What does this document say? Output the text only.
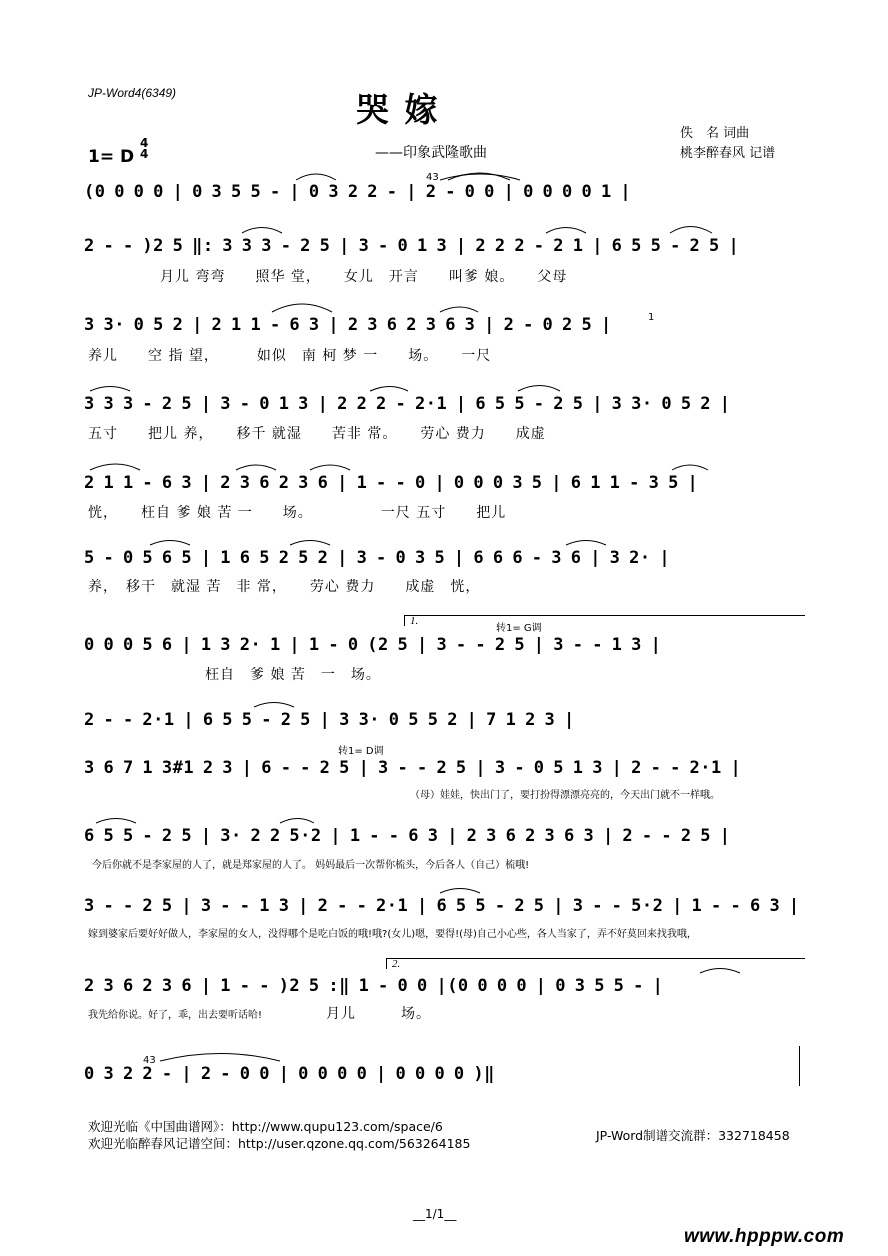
JP-Word4(6349)	哭 嫁
——印象武隆歌曲
佚　名 词曲
桃李醉春风 记谱
1= D
4
4
(0 0 0 0 | 0 3 5 5 - | 0 3 2 2 - | 2 - 0 0 | 0 0 0 0 1 |
43
2 - - )2 5 ‖: 3 3 3 - 2 5 | 3 - 0 1 3 | 2 2 2 - 2 1 | 6 5 5 - 2 5 |
月儿 弯弯　　照华 堂，　　女儿　开言　　叫爹 娘。　　父母
3 3· 0 5 2 | 2 1 1 - 6 3 | 2 3 6 2 3 6 3 | 2 - 0 2 5 |	1
养儿　　空 指 望，　　　如似　南 柯 梦 一　　场。　　一尺
3 3 3 - 2 5 | 3 - 0 1 3 | 2 2 2 - 2·1 | 6 5 5 - 2 5 | 3 3· 0 5 2 |
五寸　　把儿 养，　　移千 就湿　　苦非 常。　　劳心 费力　　成虚
2 1 1 - 6 3 | 2 3 6 2 3 6 | 1 - - 0 | 0 0 0 3 5 | 6 1 1 - 3 5 |
恍，　　枉自 爹 娘 苦 一　　场。　　　　　一尺 五寸　　把儿
5 - 0 5 6 5 | 1 6 5 2 5 2 | 3 - 0 3 5 | 6 6 6 - 3 6 | 3 2· |
养，　移干　就湿 苦　非 常，　　劳心 费力　　成虚　恍，
1.
转1= G调
0 0 0 5 6 | 1 3 2· 1 | 1 - 0 (2 5 | 3 - - 2 5 | 3 - - 1 3 |
枉自　爹 娘 苦　一　场。
2 - - 2·1 | 6 5 5 - 2 5 | 3 3· 0 5 5 2 | 7 1 2 3 |
转1= D调
3 6 7 1 3#1 2 3 | 6 - - 2 5 | 3 - - 2 5 | 3 - 0 5 1 3 | 2 - - 2·1 |
（母）娃娃，快出门了，要打扮得漂漂亮亮的，今天出门就不一样哦。
6 5 5 - 2 5 | 3· 2 2 5·2 | 1 - - 6 3 | 2 3 6 2 3 6 3 | 2 - - 2 5 |
今后你就不是李家屋的人了，就是郑家屋的人了。 妈妈最后一次帮你梳头，今后各人（自己）梳哦!
3 - - 2 5 | 3 - - 1 3 | 2 - - 2·1 | 6 5 5 - 2 5 | 3 - - 5·2 | 1 - - 6 3 |
嫁到婆家后要好好做人，李家屋的女人，没得哪个是吃白饭的哦!哦?(女儿)嗯，要得!(母)自己小心些，各人当家了，弄不好莫回来找我哦，
2.
2 3 6 2 3 6 | 1 - - )2 5 :‖ 1 - 0 0 |(0 0 0 0 | 0 3 5 5 - |
我先给你说。好了，乖，出去要听话哈!	月儿　　　场。
43
0 3 2 2 - | 2 - 0 0 | 0 0 0 0 | 0 0 0 0 )‖
欢迎光临《中国曲谱网》：http://www.qupu123.com/space/6
欢迎光临醉春风记谱空间：http://user.qzone.qq.com/563264185
JP-Word制谱交流群：332718458
__1/1__
www.hpppw.com
